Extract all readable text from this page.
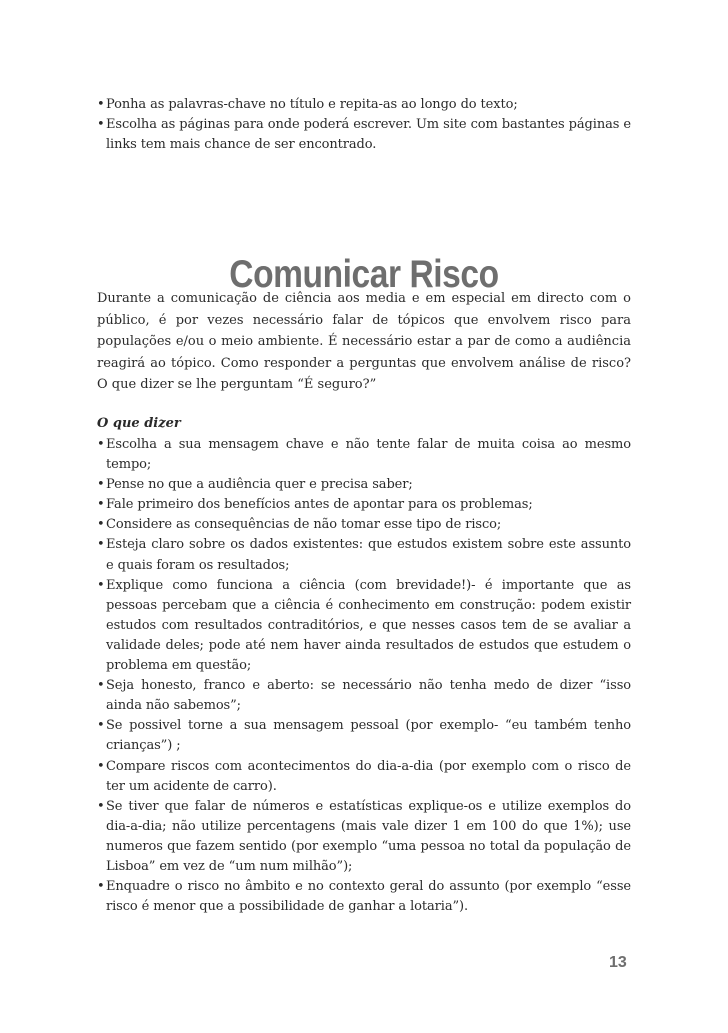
• Ponha as palavras-chave no título e repita-as ao longo do texto;
• Escolha as páginas para onde poderá escrever. Um site com bastantes páginas e links tem mais chance de ser encontrado.
Comunicar Risco

Durante a comunicação de ciência aos media e em especial em directo com o público, é por vezes necessário falar de tópicos que envolvem risco para populações e/ou o meio ambiente. É necessário estar a par de como a audiência reagirá ao tópico. Como responder a perguntas que envolvem análise de risco? O que dizer se lhe perguntam “É seguro?”

O que dizer

• Escolha a sua mensagem chave e não tente falar de muita coisa ao mesmo tempo;
• Pense no que a audiência quer e precisa saber;
• Fale primeiro dos benefícios antes de apontar para os problemas;
• Considere as consequências de não tomar esse tipo de risco;
• Esteja claro sobre os dados existentes: que estudos existem sobre este assunto e quais foram os resultados;
• Explique como funciona a ciência (com brevidade!)- é importante que as pessoas percebam que a ciência é conhecimento em construção: podem existir estudos com resultados contraditórios, e que nesses casos tem de se avaliar a validade deles; pode até nem haver ainda resultados de estudos que estudem o problema em questão;
• Seja honesto, franco e aberto: se necessário não tenha medo de dizer “isso ainda não sabemos”;
• Se possivel torne a sua mensagem pessoal (por exemplo- “eu também tenho crianças”) ;
• Compare riscos com acontecimentos do dia-a-dia (por exemplo com o risco de ter um acidente de carro).
• Se tiver que falar de números e estatísticas explique-os e utilize exemplos do dia-a-dia; não utilize percentagens (mais vale dizer 1 em 100 do que 1%); use numeros que fazem sentido (por exemplo “uma pessoa no total da população de Lisboa” em vez de “um num milhão”);
• Enquadre o risco no âmbito e no contexto geral do assunto (por exemplo “esse risco é menor que a possibilidade de ganhar a lotaria”).
13
